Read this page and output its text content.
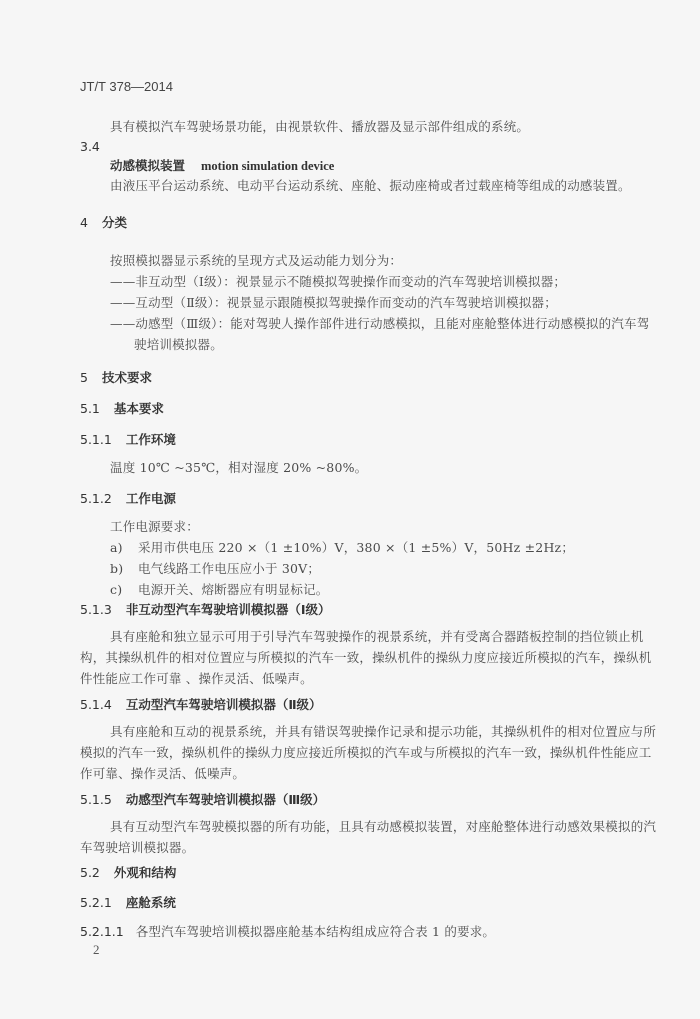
JT/T 378—2014
具有模拟汽车驾驶场景功能，由视景软件、播放器及显示部件组成的系统。
3.4
动感模拟装置 motion simulation device
由液压平台运动系统、电动平台运动系统、座舱、振动座椅或者过载座椅等组成的动感装置。
4 分类
按照模拟器显示系统的呈现方式及运动能力划分为：
——非互动型（Ⅰ级）：视景显示不随模拟驾驶操作而变动的汽车驾驶培训模拟器；
——互动型（Ⅱ级）：视景显示跟随模拟驾驶操作而变动的汽车驾驶培训模拟器；
——动感型（Ⅲ级）：能对驾驶人操作部件进行动感模拟，且能对座舱整体进行动感模拟的汽车驾
驶培训模拟器。
5 技术要求
5.1 基本要求
5.1.1 工作环境
温度 10℃ ~35℃，相对湿度 20% ~80%。
5.1.2 工作电源
工作电源要求：
a) 采用市供电压 220 ×（1 ±10%）V，380 ×（1 ±5%）V，50Hz ±2Hz；
b) 电气线路工作电压应小于 30V；
c) 电源开关、熔断器应有明显标记。
5.1.3 非互动型汽车驾驶培训模拟器（Ⅰ级）
具有座舱和独立显示可用于引导汽车驾驶操作的视景系统，并有受离合器踏板控制的挡位锁止机
构，其操纵机件的相对位置应与所模拟的汽车一致，操纵机件的操纵力度应接近所模拟的汽车，操纵机
件性能应工作可靠 、操作灵活、低噪声。
5.1.4 互动型汽车驾驶培训模拟器（Ⅱ级）
具有座舱和互动的视景系统，并具有错误驾驶操作记录和提示功能，其操纵机件的相对位置应与所
模拟的汽车一致，操纵机件的操纵力度应接近所模拟的汽车或与所模拟的汽车一致，操纵机件性能应工
作可靠、操作灵活、低噪声。
5.1.5 动感型汽车驾驶培训模拟器（Ⅲ级）
具有互动型汽车驾驶模拟器的所有功能，且具有动感模拟装置，对座舱整体进行动感效果模拟的汽
车驾驶培训模拟器。
5.2 外观和结构
5.2.1 座舱系统
5.2.1.1 各型汽车驾驶培训模拟器座舱基本结构组成应符合表 1 的要求。
2
